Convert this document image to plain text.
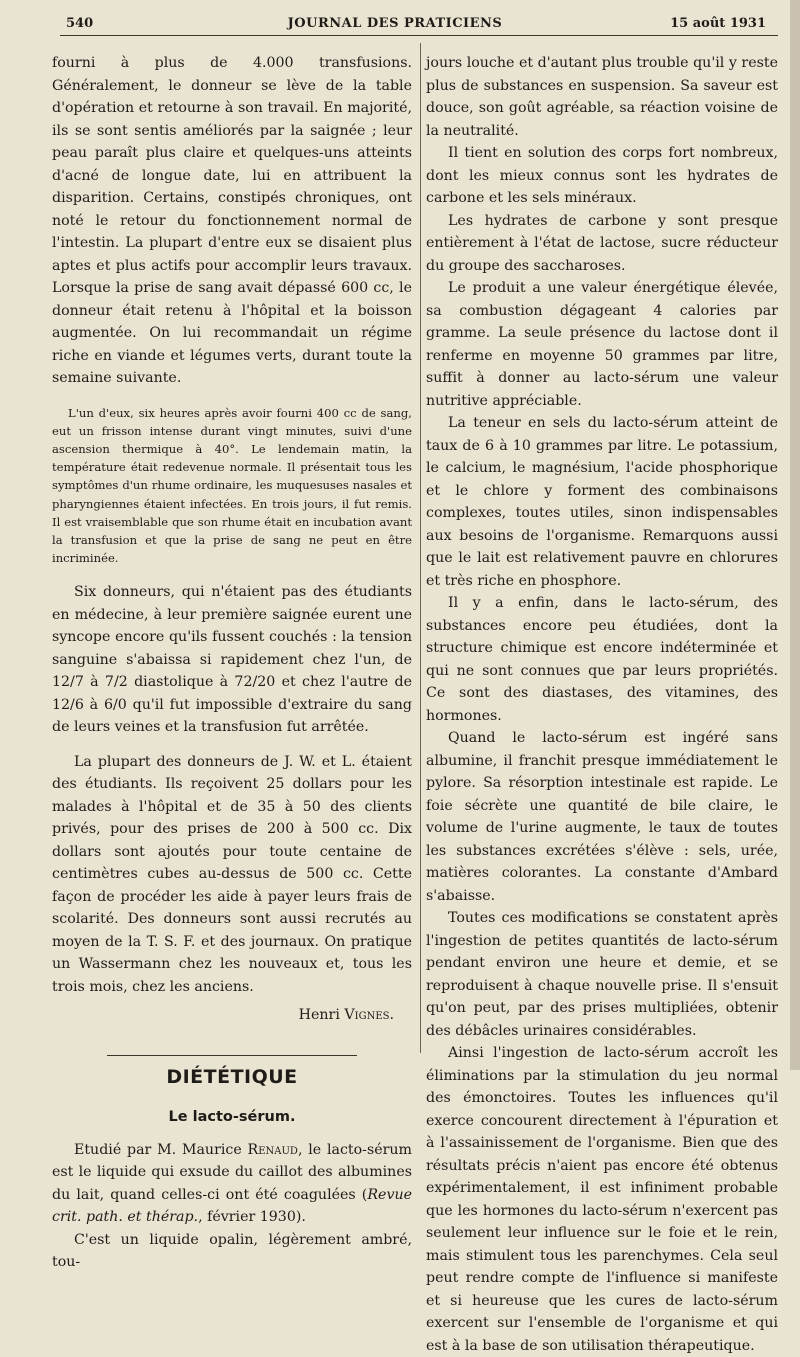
540	JOURNAL DES PRATICIENS	15 août 1931

fourni à plus de 4.000 transfusions. Généralement, le donneur se lève de la table d'opération et retourne à son travail. En majorité, ils se sont sentis améliorés par la saignée ; leur peau paraît plus claire et quelques-uns atteints d'acné de longue date, lui en attribuent la disparition. Certains, constipés chroniques, ont noté le retour du fonctionnement normal de l'intestin. La plupart d'entre eux se disaient plus aptes et plus actifs pour accomplir leurs travaux. Lorsque la prise de sang avait dépassé 600 cc, le donneur était retenu à l'hôpital et la boisson augmentée. On lui recommandait un régime riche en viande et légumes verts, durant toute la semaine suivante.

L'un d'eux, six heures après avoir fourni 400 cc de sang, eut un frisson intense durant vingt minutes, suivi d'une ascension thermique à 40°. Le lendemain matin, la température était redevenue normale. Il présentait tous les symptômes d'un rhume ordinaire, les muquesuses nasales et pharyngiennes étaient infectées. En trois jours, il fut remis. Il est vraisemblable que son rhume était en incubation avant la transfusion et que la prise de sang ne peut en être incriminée.

Six donneurs, qui n'étaient pas des étudiants en médecine, à leur première saignée eurent une syncope encore qu'ils fussent couchés : la tension sanguine s'abaissa si rapidement chez l'un, de 12/7 à 7/2 diastolique à 72/20 et chez l'autre de 12/6 à 6/0 qu'il fut impossible d'extraire du sang de leurs veines et la transfusion fut arrêtée.

La plupart des donneurs de J. W. et L. étaient des étudiants. Ils reçoivent 25 dollars pour les malades à l'hôpital et de 35 à 50 des clients privés, pour des prises de 200 à 500 cc. Dix dollars sont ajoutés pour toute centaine de centimètres cubes au-dessus de 500 cc. Cette façon de procéder les aide à payer leurs frais de scolarité. Des donneurs sont aussi recrutés au moyen de la T. S. F. et des journaux. On pratique un Wassermann chez les nouveaux et, tous les trois mois, chez les anciens.

Henri Vignes.

DIÉTÉTIQUE
Le lacto-sérum.

Etudié par M. Maurice Renaud, le lacto-sérum est le liquide qui exsude du caillot des albumines du lait, quand celles-ci ont été coagulées (Revue crit. path. et thérap., février 1930).

C'est un liquide opalin, légèrement ambré, tou-

jours louche et d'autant plus trouble qu'il y reste plus de substances en suspension. Sa saveur est douce, son goût agréable, sa réaction voisine de la neutralité.

Il tient en solution des corps fort nombreux, dont les mieux connus sont les hydrates de carbone et les sels minéraux.

Les hydrates de carbone y sont presque entièrement à l'état de lactose, sucre réducteur du groupe des saccharoses.

Le produit a une valeur énergétique élevée, sa combustion dégageant 4 calories par gramme. La seule présence du lactose dont il renferme en moyenne 50 grammes par litre, suffit à donner au lacto-sérum une valeur nutritive appréciable.

La teneur en sels du lacto-sérum atteint de taux de 6 à 10 grammes par litre. Le potassium, le calcium, le magnésium, l'acide phosphorique et le chlore y forment des combinaisons complexes, toutes utiles, sinon indispensables aux besoins de l'organisme. Remarquons aussi que le lait est relativement pauvre en chlorures et très riche en phosphore.

Il y a enfin, dans le lacto-sérum, des substances encore peu étudiées, dont la structure chimique est encore indéterminée et qui ne sont connues que par leurs propriétés. Ce sont des diastases, des vitamines, des hormones.

Quand le lacto-sérum est ingéré sans albumine, il franchit presque immédiatement le pylore. Sa résorption intestinale est rapide. Le foie sécrète une quantité de bile claire, le volume de l'urine augmente, le taux de toutes les substances excrétées s'élève : sels, urée, matières colorantes. La constante d'Ambard s'abaisse.

Toutes ces modifications se constatent après l'ingestion de petites quantités de lacto-sérum pendant environ une heure et demie, et se reproduisent à chaque nouvelle prise. Il s'ensuit qu'on peut, par des prises multipliées, obtenir des débâcles urinaires considérables.

Ainsi l'ingestion de lacto-sérum accroît les éliminations par la stimulation du jeu normal des émonctoires. Toutes les influences qu'il exerce concourent directement à l'épuration et à l'assainissement de l'organisme. Bien que des résultats précis n'aient pas encore été obtenus expérimentalement, il est infiniment probable que les hormones du lacto-sérum n'exercent pas seulement leur influence sur le foie et le rein, mais stimulent tous les parenchymes. Cela seul peut rendre compte de l'influence si manifeste et si heureuse que les cures de lacto-sérum exercent sur l'ensemble de l'organisme et qui est à la base de son utilisation thérapeutique.
